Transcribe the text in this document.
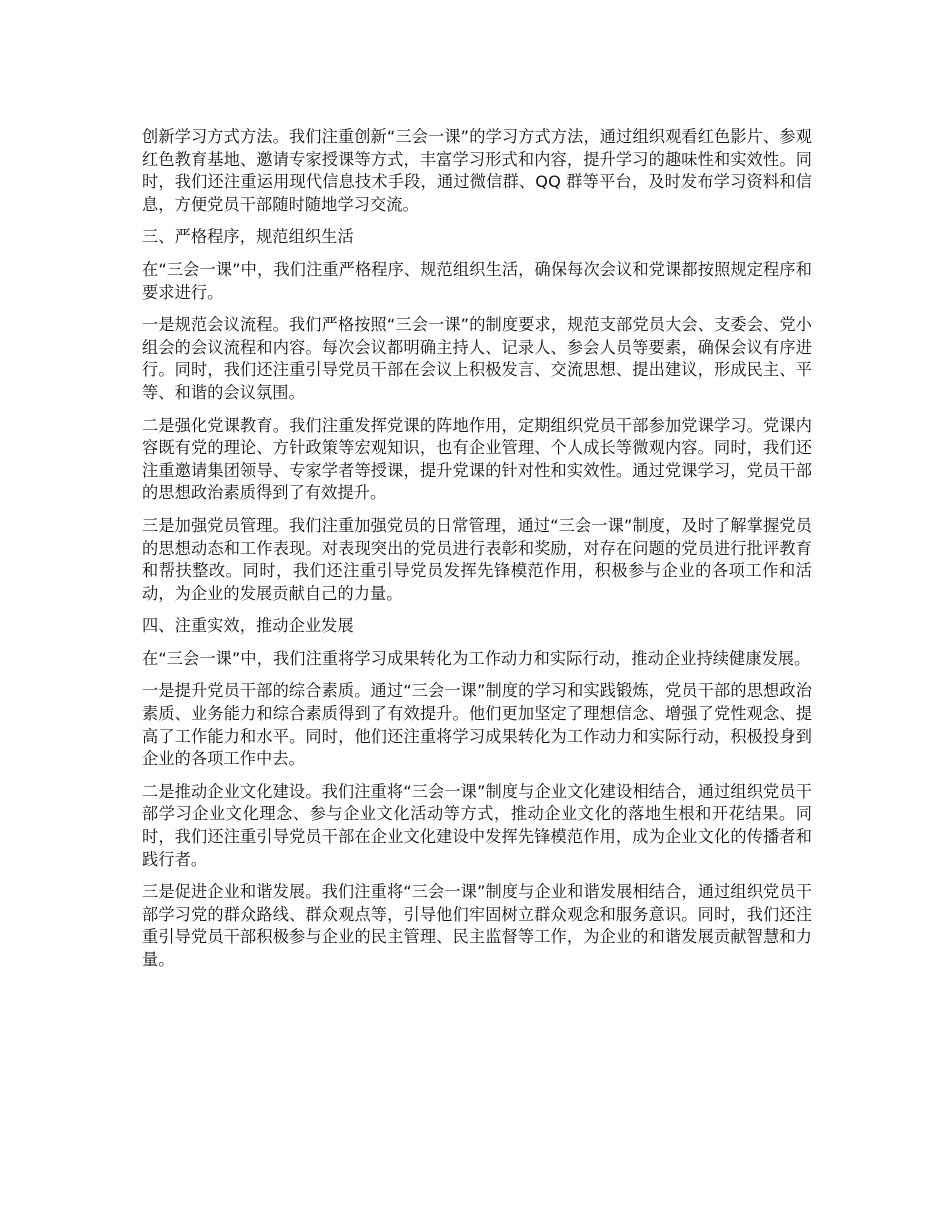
创新学习方式方法。我们注重创新“三会一课”的学习方式方法，通过组织观看红色影片、参观红色教育基地、邀请专家授课等方式，丰富学习形式和内容，提升学习的趣味性和实效性。同时，我们还注重运用现代信息技术手段，通过微信群、QQ 群等平台，及时发布学习资料和信息，方便党员干部随时随地学习交流。

三、严格程序，规范组织生活

在“三会一课”中，我们注重严格程序、规范组织生活，确保每次会议和党课都按照规定程序和要求进行。

一是规范会议流程。我们严格按照“三会一课”的制度要求，规范支部党员大会、支委会、党小组会的会议流程和内容。每次会议都明确主持人、记录人、参会人员等要素，确保会议有序进行。同时，我们还注重引导党员干部在会议上积极发言、交流思想、提出建议，形成民主、平等、和谐的会议氛围。

二是强化党课教育。我们注重发挥党课的阵地作用，定期组织党员干部参加党课学习。党课内容既有党的理论、方针政策等宏观知识，也有企业管理、个人成长等微观内容。同时，我们还注重邀请集团领导、专家学者等授课，提升党课的针对性和实效性。通过党课学习，党员干部的思想政治素质得到了有效提升。

三是加强党员管理。我们注重加强党员的日常管理，通过“三会一课”制度，及时了解掌握党员的思想动态和工作表现。对表现突出的党员进行表彰和奖励，对存在问题的党员进行批评教育和帮扶整改。同时，我们还注重引导党员发挥先锋模范作用，积极参与企业的各项工作和活动，为企业的发展贡献自己的力量。

四、注重实效，推动企业发展

在“三会一课”中，我们注重将学习成果转化为工作动力和实际行动，推动企业持续健康发展。

一是提升党员干部的综合素质。通过“三会一课”制度的学习和实践锻炼，党员干部的思想政治素质、业务能力和综合素质得到了有效提升。他们更加坚定了理想信念、增强了党性观念、提高了工作能力和水平。同时，他们还注重将学习成果转化为工作动力和实际行动，积极投身到企业的各项工作中去。

二是推动企业文化建设。我们注重将“三会一课”制度与企业文化建设相结合，通过组织党员干部学习企业文化理念、参与企业文化活动等方式，推动企业文化的落地生根和开花结果。同时，我们还注重引导党员干部在企业文化建设中发挥先锋模范作用，成为企业文化的传播者和践行者。

三是促进企业和谐发展。我们注重将“三会一课”制度与企业和谐发展相结合，通过组织党员干部学习党的群众路线、群众观点等，引导他们牢固树立群众观念和服务意识。同时，我们还注重引导党员干部积极参与企业的民主管理、民主监督等工作，为企业的和谐发展贡献智慧和力量。
